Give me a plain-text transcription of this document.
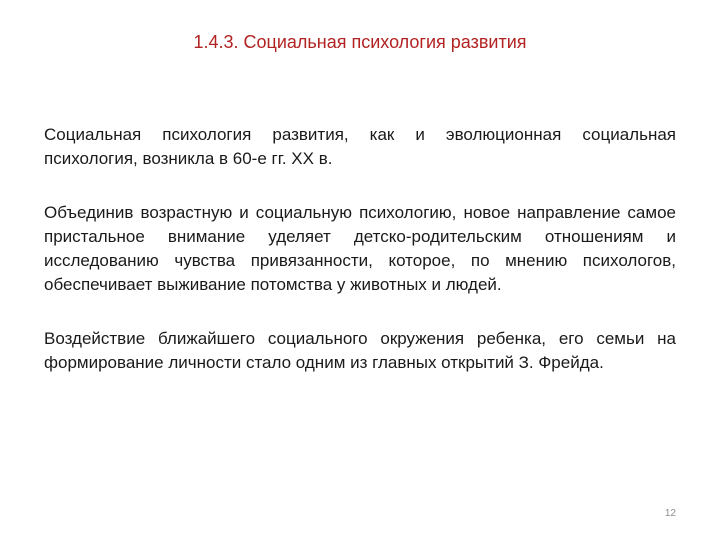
1.4.3. Социальная психология развития

Социальная психология развития, как и эволюционная социальная психология, возникла в 60-е гг. XX в.

Объединив возрастную и социальную психологию, новое направление самое пристальное внимание уделяет детско-родительским отношениям и исследованию чувства привязанности, которое, по мнению психологов, обеспечивает выживание потомства у животных и людей.

Воздействие ближайшего социального окружения ребенка, его семьи на формирование личности стало одним из главных открытий З. Фрейда.

12
